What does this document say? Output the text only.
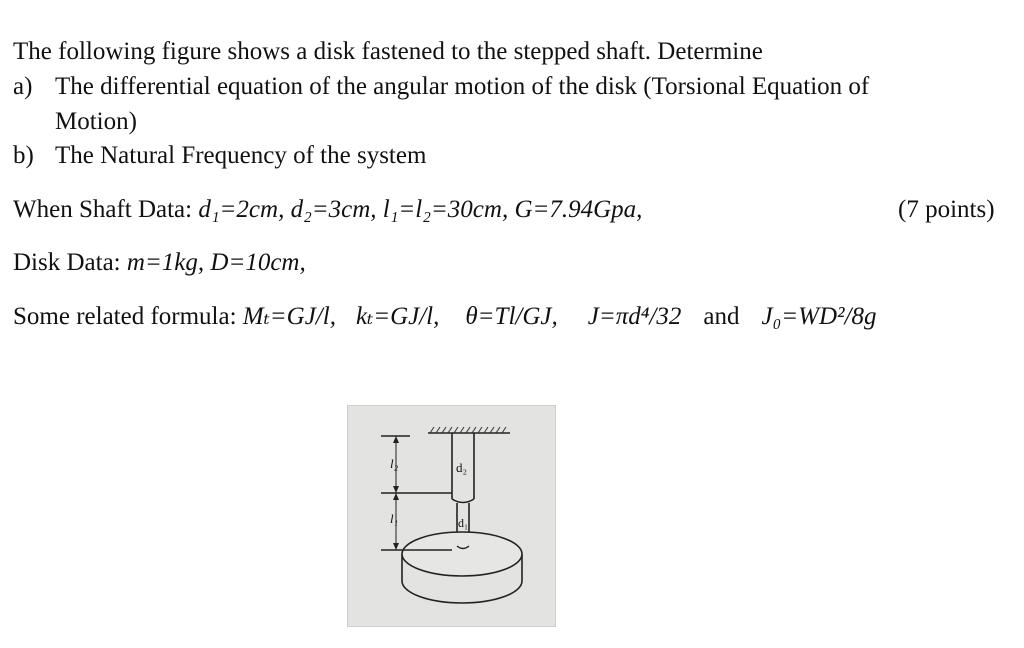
The following figure shows a disk fastened to the stepped shaft. Determine
a) The differential equation of the angular motion of the disk (Torsional Equation of
Motion)
b) The Natural Frequency of the system
When Shaft Data: d₁=2cm, d₂=3cm, l₁=l₂=30cm, G=7.94Gpa,	(7 points)
Disk Data: m=1kg, D=10cm,
Some related formula: Mₜ=GJ/l, kₜ=GJ/l, θ=Tl/GJ, J=πd⁴/32 and J₀=WD²/8g
l₂
l₁
d₂
d₁
